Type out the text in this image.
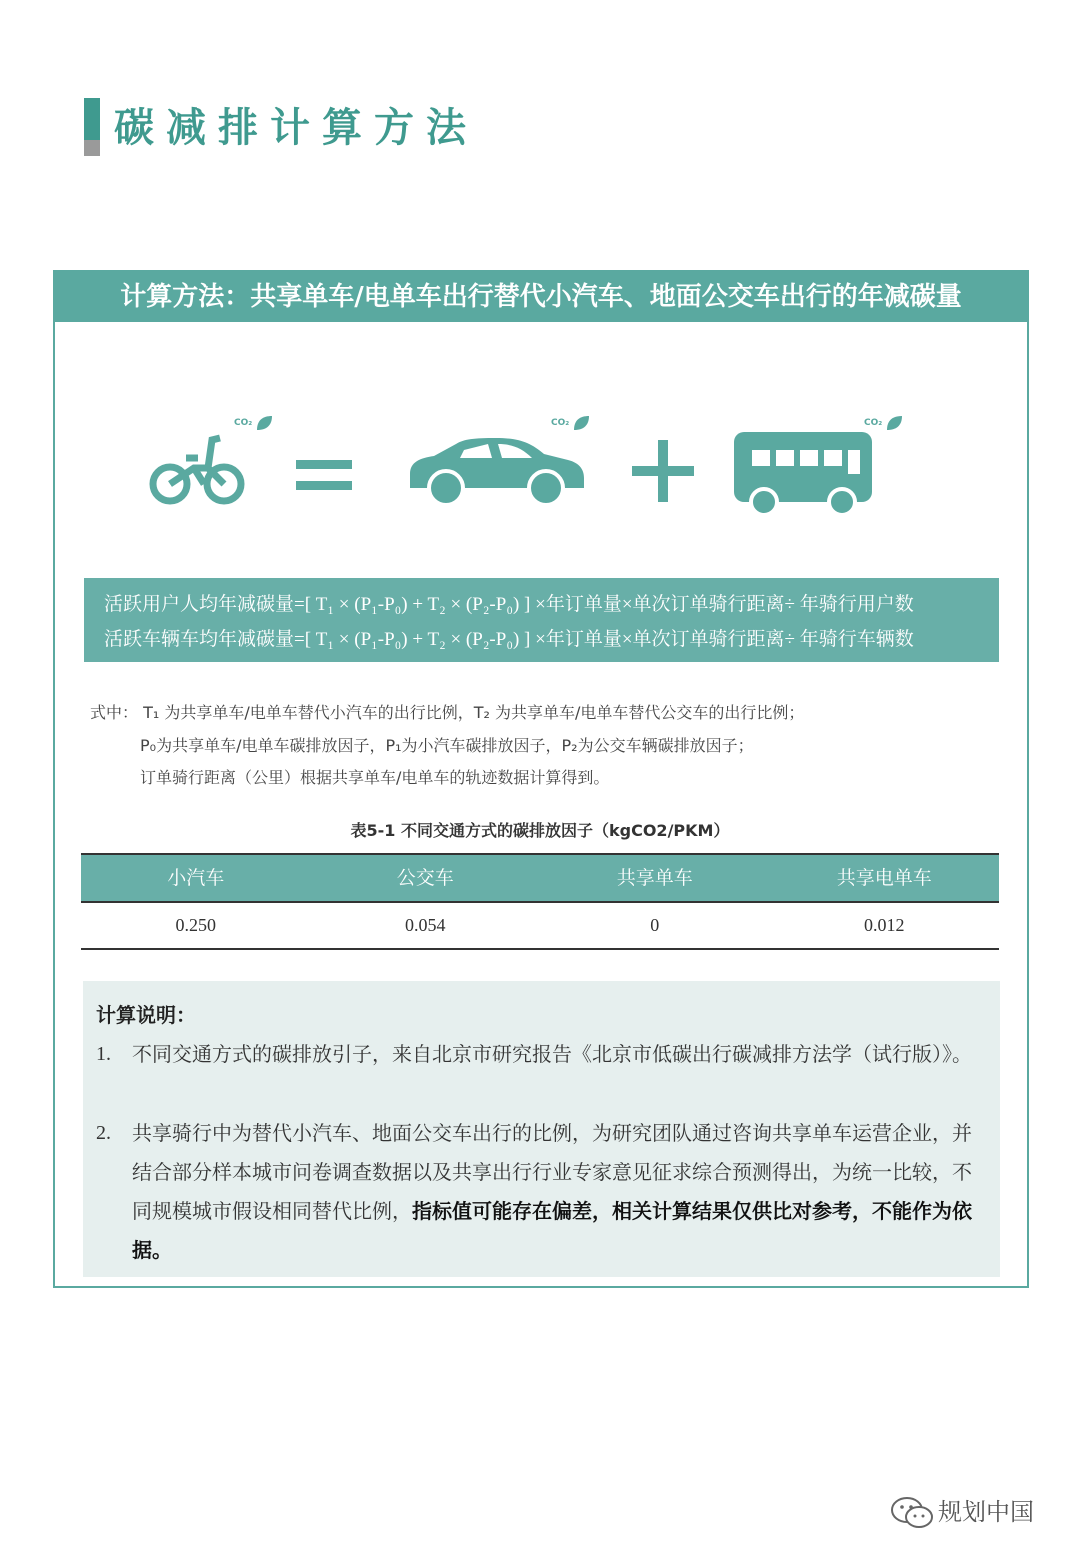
碳减排计算方法
计算方法：共享单车/电单车出行替代小汽车、地面公交车出行的年减碳量
CO₂	CO₂	CO₂
活跃用户人均年减碳量=[ T₁ × (P₁-P₀) + T₂ × (P₂-P₀) ] ×年订单量×单次订单骑行距离÷ 年骑行用户数
活跃车辆车均年减碳量=[ T₁ × (P₁-P₀) + T₂ × (P₂-P₀) ] ×年订单量×单次订单骑行距离÷ 年骑行车辆数
式中： T₁ 为共享单车/电单车替代小汽车的出行比例，T₂ 为共享单车/电单车替代公交车的出行比例；
P₀为共享单车/电单车碳排放因子，P₁为小汽车碳排放因子，P₂为公交车辆碳排放因子；
订单骑行距离（公里）根据共享单车/电单车的轨迹数据计算得到。
表5-1 不同交通方式的碳排放因子（kgCO2/PKM）
小汽车	公交车	共享单车	共享电单车
0.250	0.054	0	0.012
计算说明：
1.	不同交通方式的碳排放引子，来自北京市研究报告《北京市低碳出行碳减排方法学（试行版）》。
2.	共享骑行中为替代小汽车、地面公交车出行的比例，为研究团队通过咨询共享单车运营企业，并结合部分样本城市问卷调查数据以及共享出行行业专家意见征求综合预测得出，为统一比较，不同规模城市假设相同替代比例，指标值可能存在偏差，相关计算结果仅供比对参考，不能作为依据。
规划中国
